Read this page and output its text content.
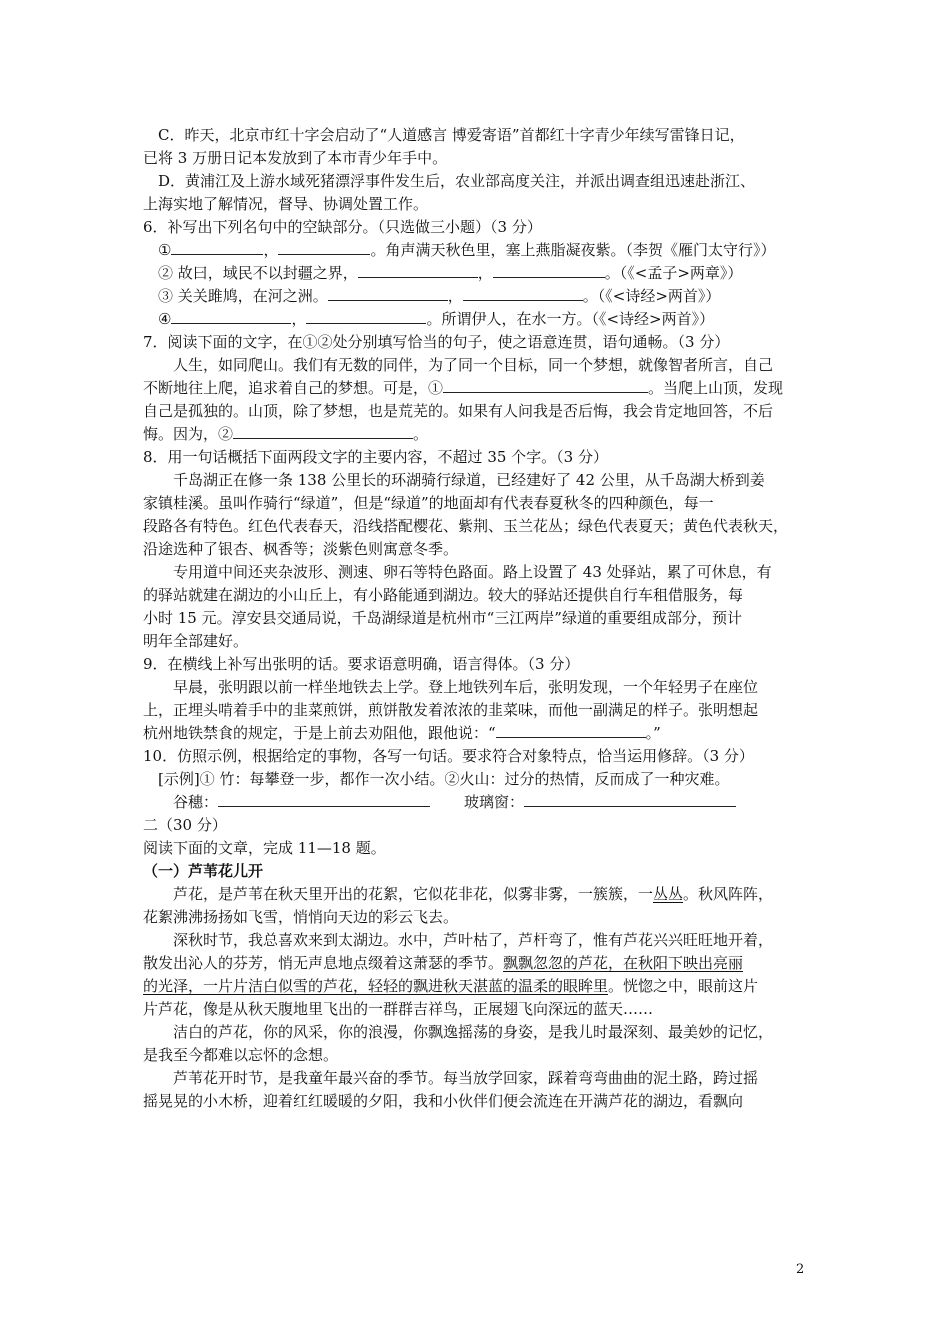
C．昨天，北京市红十字会启动了“人道感言 博爱寄语”首都红十字青少年续写雷锋日记，
已将 3 万册日记本发放到了本市青少年手中。
D．黄浦江及上游水域死猪漂浮事件发生后，农业部高度关注，并派出调查组迅速赴浙江、
上海实地了解情况，督导、协调处置工作。
6．补写出下列名句中的空缺部分。（只选做三小题）（3 分）
①	，	。角声满天秋色里，塞上燕脂凝夜紫。（李贺《雁门太守行》）
② 故曰，域民不以封疆之界，	，	。（《<孟子>两章》）
③ 关关雎鸠，在河之洲。	，	。（《<诗经>两首》）
④	，	。所谓伊人，在水一方。（《<诗经>两首》）
7．阅读下面的文字，在①②处分别填写恰当的句子，使之语意连贯，语句通畅。（3 分）
人生，如同爬山。我们有无数的同伴，为了同一个目标，同一个梦想，就像智者所言，自己
不断地往上爬，追求着自己的梦想。可是，①	。当爬上山顶，发现
自己是孤独的。山顶，除了梦想，也是荒芜的。如果有人问我是否后悔，我会肯定地回答，不后
悔。因为，②	。
8．用一句话概括下面两段文字的主要内容，不超过 35 个字。（3 分）
千岛湖正在修一条 138 公里长的环湖骑行绿道，已经建好了 42 公里，从千岛湖大桥到姜
家镇桂溪。虽叫作骑行“绿道”，但是“绿道”的地面却有代表春夏秋冬的四种颜色，每一
段路各有特色。红色代表春天，沿线搭配樱花、紫荆、玉兰花丛；绿色代表夏天；黄色代表秋天，
沿途选种了银杏、枫香等；淡紫色则寓意冬季。
专用道中间还夹杂波形、测速、卵石等特色路面。路上设置了 43 处驿站，累了可休息，有
的驿站就建在湖边的小山丘上，有小路能通到湖边。较大的驿站还提供自行车租借服务，每
小时 15 元。淳安县交通局说，千岛湖绿道是杭州市“三江两岸”绿道的重要组成部分，预计
明年全部建好。
9．在横线上补写出张明的话。要求语意明确，语言得体。（3 分）
早晨，张明跟以前一样坐地铁去上学。登上地铁列车后，张明发现，一个年轻男子在座位
上，正埋头啃着手中的韭菜煎饼，煎饼散发着浓浓的韭菜味，而他一副满足的样子。张明想起
杭州地铁禁食的规定，于是上前去劝阻他，跟他说：“	。”
10．仿照示例，根据给定的事物，各写一句话。要求符合对象特点，恰当运用修辞。（3 分）
[示例]① 竹：每攀登一步，都作一次小结。②火山：过分的热情，反而成了一种灾难。
谷穗：	玻璃窗：
二（30 分）
阅读下面的文章，完成 11—18 题。
（一）芦苇花儿开
芦花，是芦苇在秋天里开出的花絮，它似花非花，似雾非雾，一簇簇，一丛丛。秋风阵阵，
花絮沸沸扬扬如飞雪，悄悄向天边的彩云飞去。
深秋时节，我总喜欢来到太湖边。水中，芦叶枯了，芦杆弯了，惟有芦花兴兴旺旺地开着，
散发出沁人的芬芳，悄无声息地点缀着这萧瑟的季节。飘飘忽忽的芦花，在秋阳下映出亮丽
的光泽，一片片洁白似雪的芦花，轻轻的飘进秋天湛蓝的温柔的眼眸里。恍惚之中，眼前这片
片芦花，像是从秋天腹地里飞出的一群群吉祥鸟，正展翅飞向深远的蓝天……
洁白的芦花，你的风采，你的浪漫，你飘逸摇荡的身姿，是我儿时最深刻、最美妙的记忆，
是我至今都难以忘怀的念想。
芦苇花开时节，是我童年最兴奋的季节。每当放学回家，踩着弯弯曲曲的泥土路，跨过摇
摇晃晃的小木桥，迎着红红暖暖的夕阳，我和小伙伴们便会流连在开满芦花的湖边，看飘向
2
